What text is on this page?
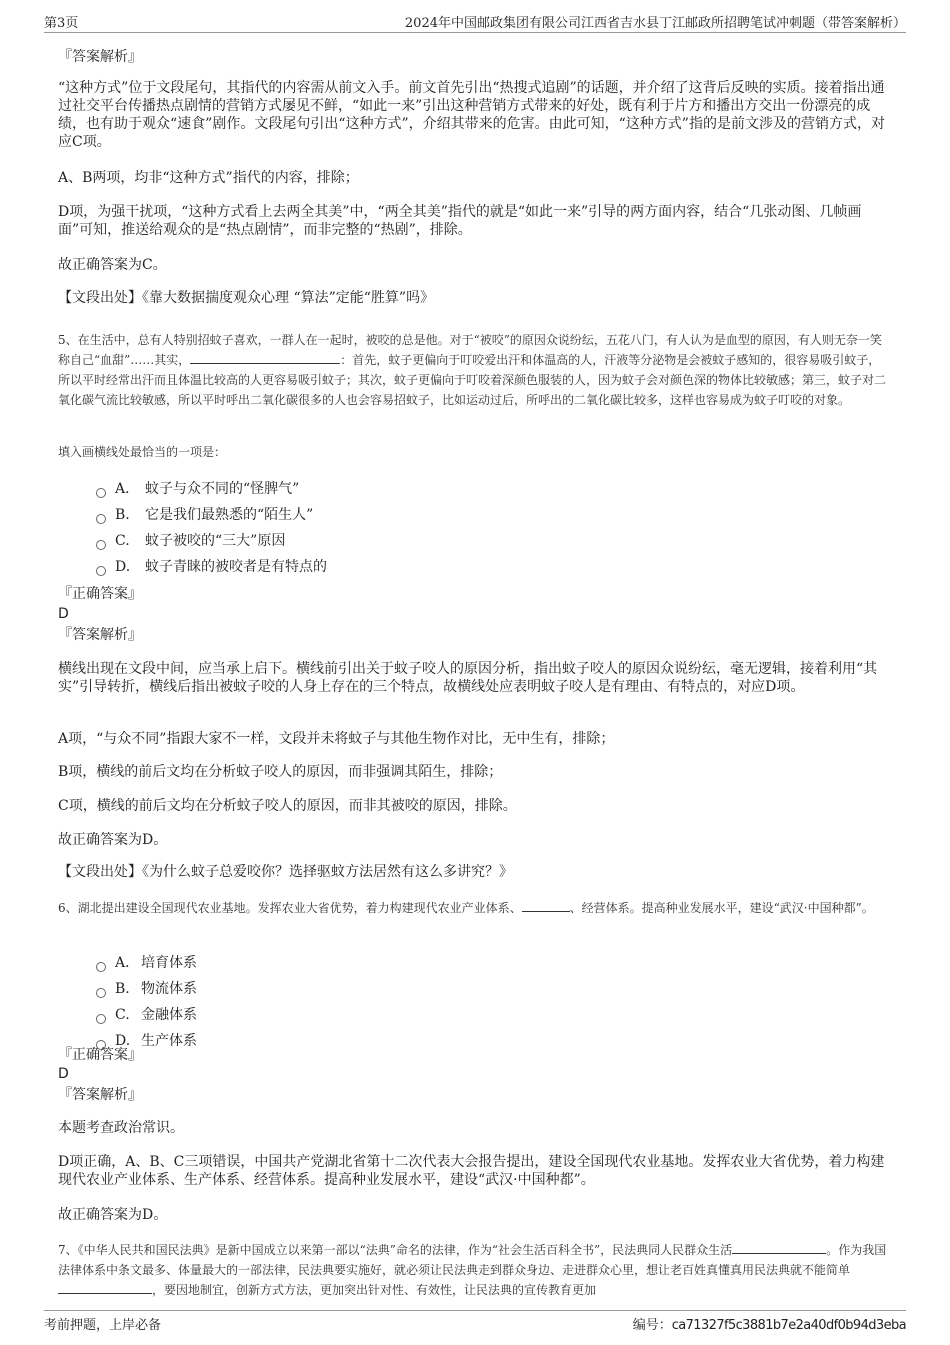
第3页	2024年中国邮政集团有限公司江西省吉水县丁江邮政所招聘笔试冲刺题（带答案解析）
『答案解析』
“这种方式”位于文段尾句，其指代的内容需从前文入手。前文首先引出“热搜式追剧”的话题，并介绍了这背后反映的实质。接着指出通过社交平台传播热点剧情的营销方式屡见不鲜，“如此一来”引出这种营销方式带来的好处，既有利于片方和播出方交出一份漂亮的成绩，也有助于观众“速食”剧作。文段尾句引出“这种方式”，介绍其带来的危害。由此可知，“这种方式”指的是前文涉及的营销方式，对应C项。
A、B两项，均非“这种方式”指代的内容，排除；
D项，为强干扰项，“这种方式看上去两全其美”中，“两全其美”指代的就是“如此一来”引导的两方面内容，结合“几张动图、几帧画面”可知，推送给观众的是“热点剧情”，而非完整的“热剧”，排除。
故正确答案为C。
【文段出处】《靠大数据揣度观众心理 “算法”定能“胜算”吗》
5、在生活中，总有人特别招蚊子喜欢，一群人在一起时，被咬的总是他。对于“被咬”的原因众说纷纭，五花八门，有人认为是血型的原因，有人则无奈一笑称自己“血甜”……其实，	：首先，蚊子更偏向于叮咬爱出汗和体温高的人，汗液等分泌物是会被蚊子感知的，很容易吸引蚊子，所以平时经常出汗而且体温比较高的人更容易吸引蚊子；其次，蚊子更偏向于叮咬着深颜色服装的人，因为蚊子会对颜色深的物体比较敏感；第三，蚊子对二氧化碳气流比较敏感，所以平时呼出二氧化碳很多的人也会容易招蚊子，比如运动过后，所呼出的二氧化碳比较多，这样也容易成为蚊子叮咬的对象。
填入画横线处最恰当的一项是：
A． 蚊子与众不同的“怪脾气”
B. 它是我们最熟悉的“陌生人”
C. 蚊子被咬的“三大”原因
D. 蚊子青睐的被咬者是有特点的
『正确答案』
D
『答案解析』
横线出现在文段中间，应当承上启下。横线前引出关于蚊子咬人的原因分析，指出蚊子咬人的原因众说纷纭，毫无逻辑，接着利用“其实”引导转折，横线后指出被蚊子咬的人身上存在的三个特点，故横线处应表明蚊子咬人是有理由、有特点的，对应D项。
A项，“与众不同”指跟大家不一样，文段并未将蚊子与其他生物作对比，无中生有，排除；
B项，横线的前后文均在分析蚊子咬人的原因，而非强调其陌生，排除；
C项，横线的前后文均在分析蚊子咬人的原因，而非其被咬的原因，排除。
故正确答案为D。
【文段出处】《为什么蚊子总爱咬你？选择驱蚊方法居然有这么多讲究？》
6、湖北提出建设全国现代农业基地。发挥农业大省优势，着力构建现代农业产业体系、	、经营体系。提高种业发展水平，建设“武汉·中国种都”。
A． 培育体系
B. 物流体系
C. 金融体系
D. 生产体系
『正确答案』
D
『答案解析』
本题考查政治常识。
D项正确，A、B、C三项错误，中国共产党湖北省第十二次代表大会报告提出，建设全国现代农业基地。发挥农业大省优势，着力构建现代农业产业体系、生产体系、经营体系。提高种业发展水平，建设“武汉·中国种都”。
故正确答案为D。
7、《中华人民共和国民法典》是新中国成立以来第一部以“法典”命名的法律，作为“社会生活百科全书”，民法典同人民群众生活	。作为我国法律体系中条文最多、体量最大的一部法律，民法典要实施好，就必须让民法典走到群众身边、走进群众心里，想让老百姓真懂真用民法典就不能简单，要因地制宜，创新方式方法，更加突出针对性、有效性，让民法典的宣传教育更加
考前押题，上岸必备	编号：ca71327f5c3881b7e2a40df0b94d3eba
